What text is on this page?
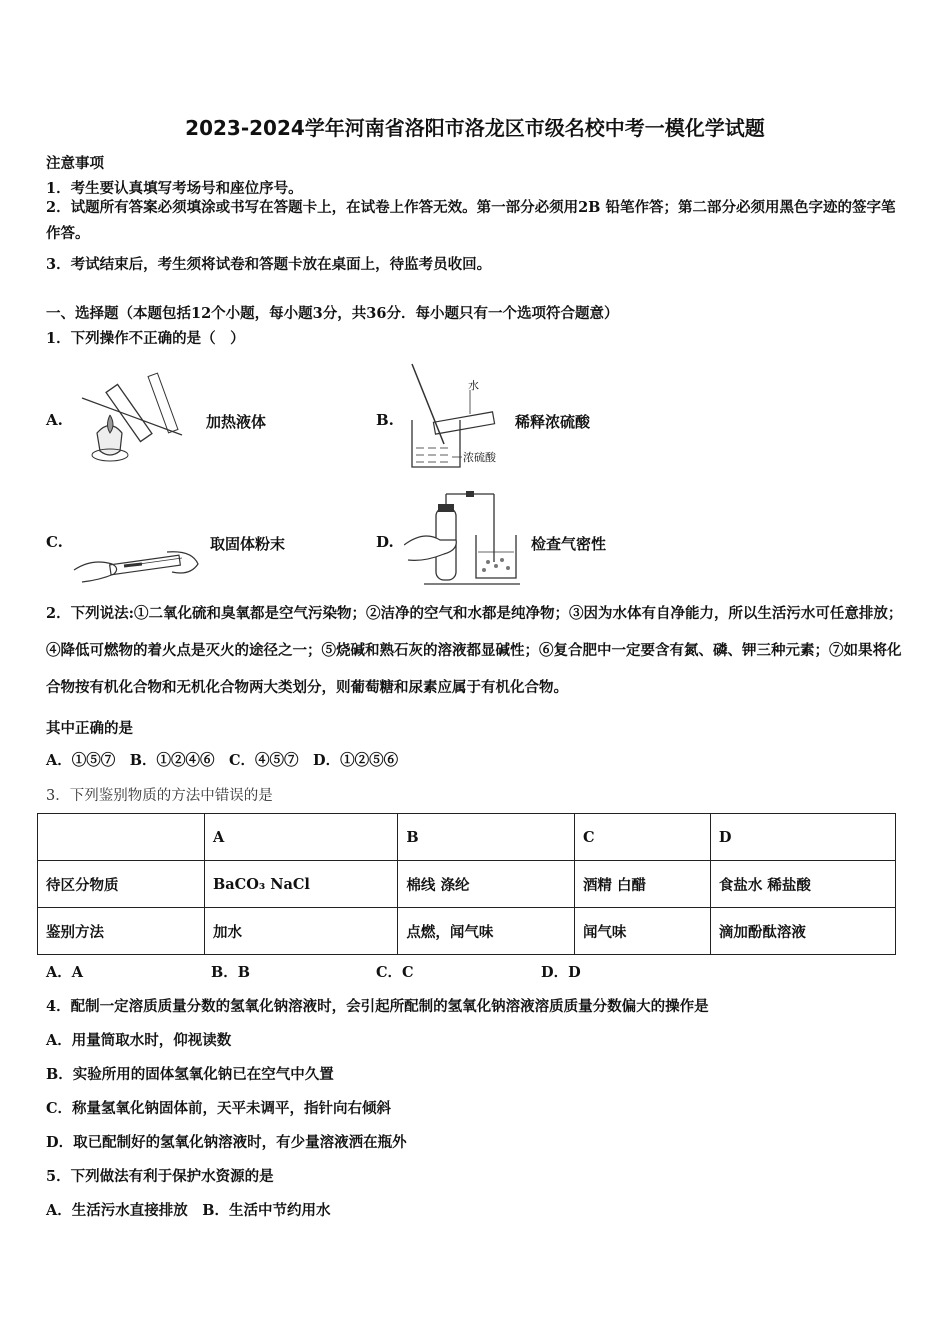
2023-2024学年河南省洛阳市洛龙区市级名校中考一模化学试题
注意事项
1．考生要认真填写考场号和座位序号。
2．试题所有答案必须填涂或书写在答题卡上，在试卷上作答无效。第一部分必须用2B 铅笔作答；第二部分必须用黑色字迹的签字笔作答。
3．考试结束后，考生须将试卷和答题卡放在桌面上，待监考员收回。
一、选择题（本题包括12个小题，每小题3分，共36分．每小题只有一个选项符合题意）
1．下列操作不正确的是（　）
A.	加热液体	B.
水
浓硫酸
稀释浓硫酸
C.	取固体粉末	D.	检查气密性
2．下列说法:①二氧化硫和臭氧都是空气污染物；②洁净的空气和水都是纯净物；③因为水体有自净能力，所以生活污水可任意排放；④降低可燃物的着火点是灭火的途径之一；⑤烧碱和熟石灰的溶液都显碱性；⑥复合肥中一定要含有氮、磷、钾三种元素；⑦如果将化合物按有机化合物和无机化合物两大类划分，则葡萄糖和尿素应属于有机化合物。
其中正确的是
A．①⑤⑦　B．①②④⑥　C．④⑤⑦　D．①②⑤⑥
3．下列鉴别物质的方法中错误的是
	A	B	C	D
待区分物质	BaCO₃ NaCl	棉线 涤纶	酒精 白醋	食盐水 稀盐酸
鉴别方法	加水	点燃，闻气味	闻气味	滴加酚酞溶液
A．A	B．B	C．C	D．D
4．配制一定溶质质量分数的氢氧化钠溶液时，会引起所配制的氢氧化钠溶液溶质质量分数偏大的操作是
A．用量筒取水时，仰视读数
B．实验所用的固体氢氧化钠已在空气中久置
C．称量氢氧化钠固体前，天平未调平，指针向右倾斜
D．取已配制好的氢氧化钠溶液时，有少量溶液洒在瓶外
5．下列做法有利于保护水资源的是
A．生活污水直接排放　B．生活中节约用水
